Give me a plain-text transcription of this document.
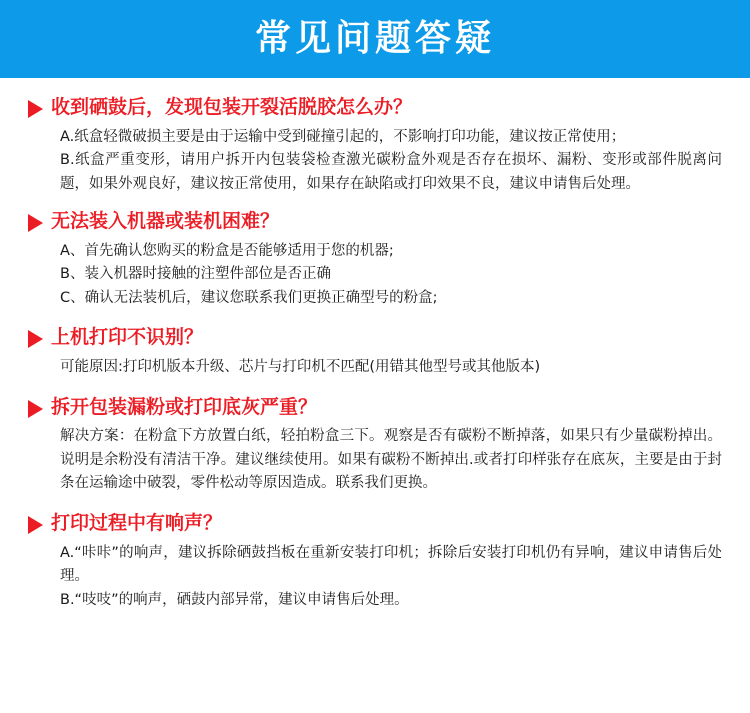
常见问题答疑
收到硒鼓后，发现包装开裂活脱胶怎么办？
A.纸盒轻微破损主要是由于运输中受到碰撞引起的，不影响打印功能，建议按正常使用；
B.纸盒严重变形，请用户拆开内包装袋检查激光碳粉盒外观是否存在损坏、漏粉、变形或部件脱离问题，如果外观良好，建议按正常使用，如果存在缺陷或打印效果不良，建议申请售后处理。
无法装入机器或装机困难？
A、首先确认您购买的粉盒是否能够适用于您的机器;
B、装入机器时接触的注塑件部位是否正确
C、确认无法装机后，建议您联系我们更换正确型号的粉盒;
上机打印不识别？
可能原因:打印机版本升级、芯片与打印机不匹配(用错其他型号或其他版本)
拆开包装漏粉或打印底灰严重？
解决方案：在粉盒下方放置白纸，轻拍粉盒三下。观察是否有碳粉不断掉落，如果只有少量碳粉掉出。说明是余粉没有清洁干净。建议继续使用。如果有碳粉不断掉出.或者打印样张存在底灰，主要是由于封条在运输途中破裂，零件松动等原因造成。联系我们更换。
打印过程中有响声？
A.“咔咔”的响声，建议拆除硒鼓挡板在重新安装打印机；拆除后安装打印机仍有异响，建议申请售后处理。
B.“吱吱”的响声，硒鼓内部异常，建议申请售后处理。
